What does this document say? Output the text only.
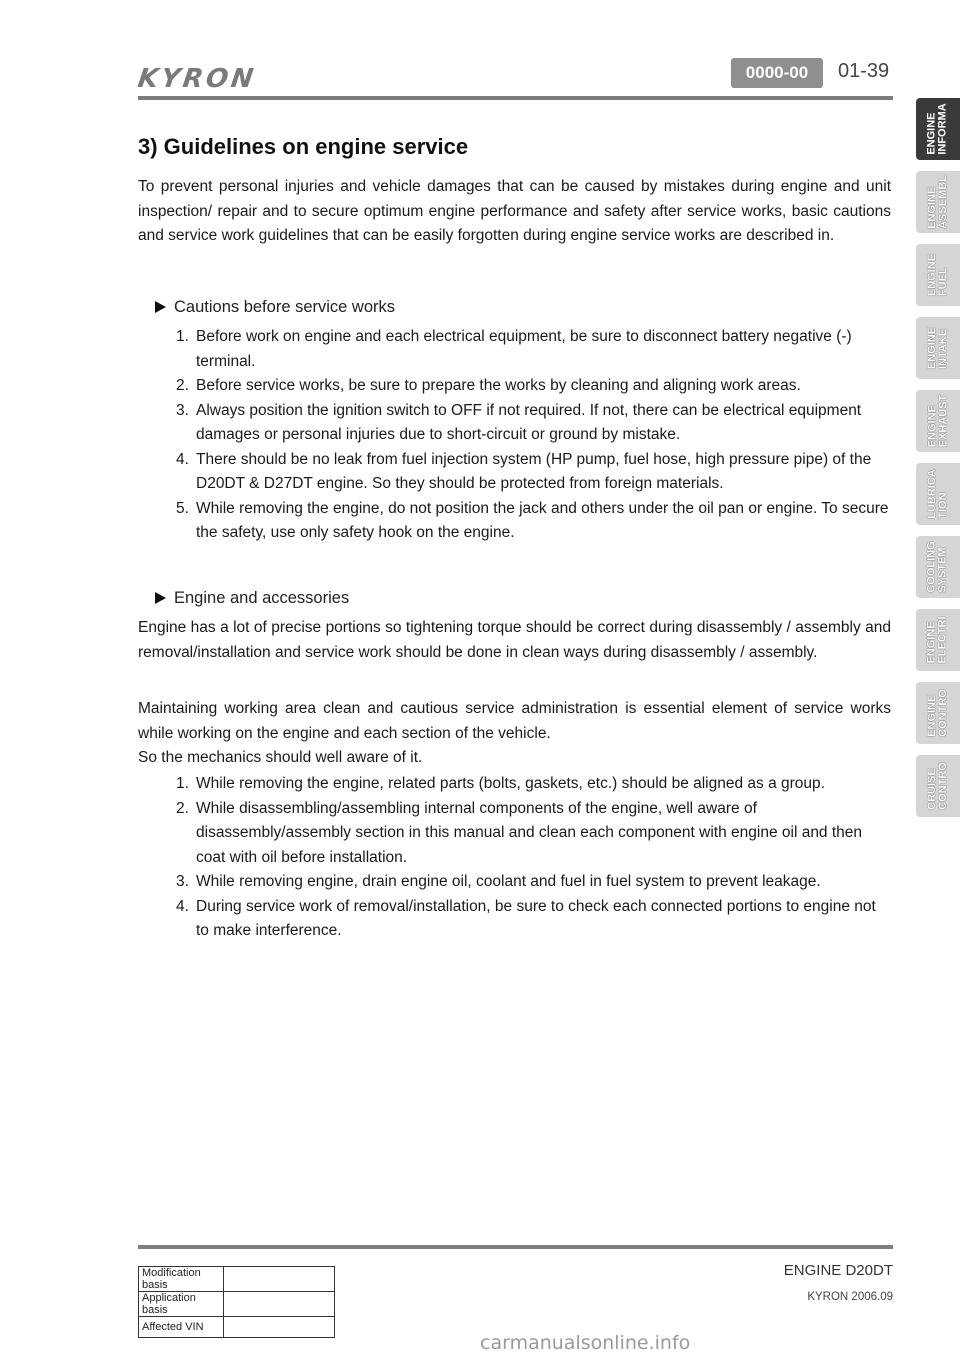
KYRON	0000-00	01-39
ENGINE
INFORMA
ENGINE
ASSEMBL
ENGINE
FUEL
ENGINE
INTAKE
ENGINE
EXHAUST
LUBRICA
TION
COOLING
SYSTEM
ENGINE
ELECTRI
ENGINE
CONTRO
CRUISE
CONTRO
3) Guidelines on engine service

To prevent personal injuries and vehicle damages that can be caused by mistakes during engine and unit inspection/ repair and to secure optimum engine performance and safety after service works, basic cautions and service work guidelines that can be easily forgotten during engine service works are described in.

Cautions before service works
1. Before work on engine and each electrical equipment, be sure to disconnect battery negative (-) terminal.
2. Before service works, be sure to prepare the works by cleaning and aligning work areas.
3. Always position the ignition switch to OFF if not required. If not, there can be electrical equipment damages or personal injuries due to short-circuit or ground by mistake.
4. There should be no leak from fuel injection system (HP pump, fuel hose, high pressure pipe) of the D20DT & D27DT engine. So they should be protected from foreign materials.
5. While removing the engine, do not position the jack and others under the oil pan or engine. To secure the safety, use only safety hook on the engine.
Engine and accessories

Engine has a lot of precise portions so tightening torque should be correct during disassembly / assembly and removal/installation and service work should be done in clean ways during disassembly / assembly.

Maintaining working area clean and cautious service administration is essential element of service works while working on the engine and each section of the vehicle.

So the mechanics should well aware of it.

1. While removing the engine, related parts (bolts, gaskets, etc.) should be aligned as a group.
2. While disassembling/assembling internal components of the engine, well aware of disassembly/assembly section in this manual and clean each component with engine oil and then coat with oil before installation.
3. While removing engine, drain engine oil, coolant and fuel in fuel system to prevent leakage.
4. During service work of removal/installation, be sure to check each connected portions to engine not to make interference.
ENGINE D20DT
KYRON 2006.09
Modification basis	
Application basis	
Affected VIN	
carmanualsonline.info
